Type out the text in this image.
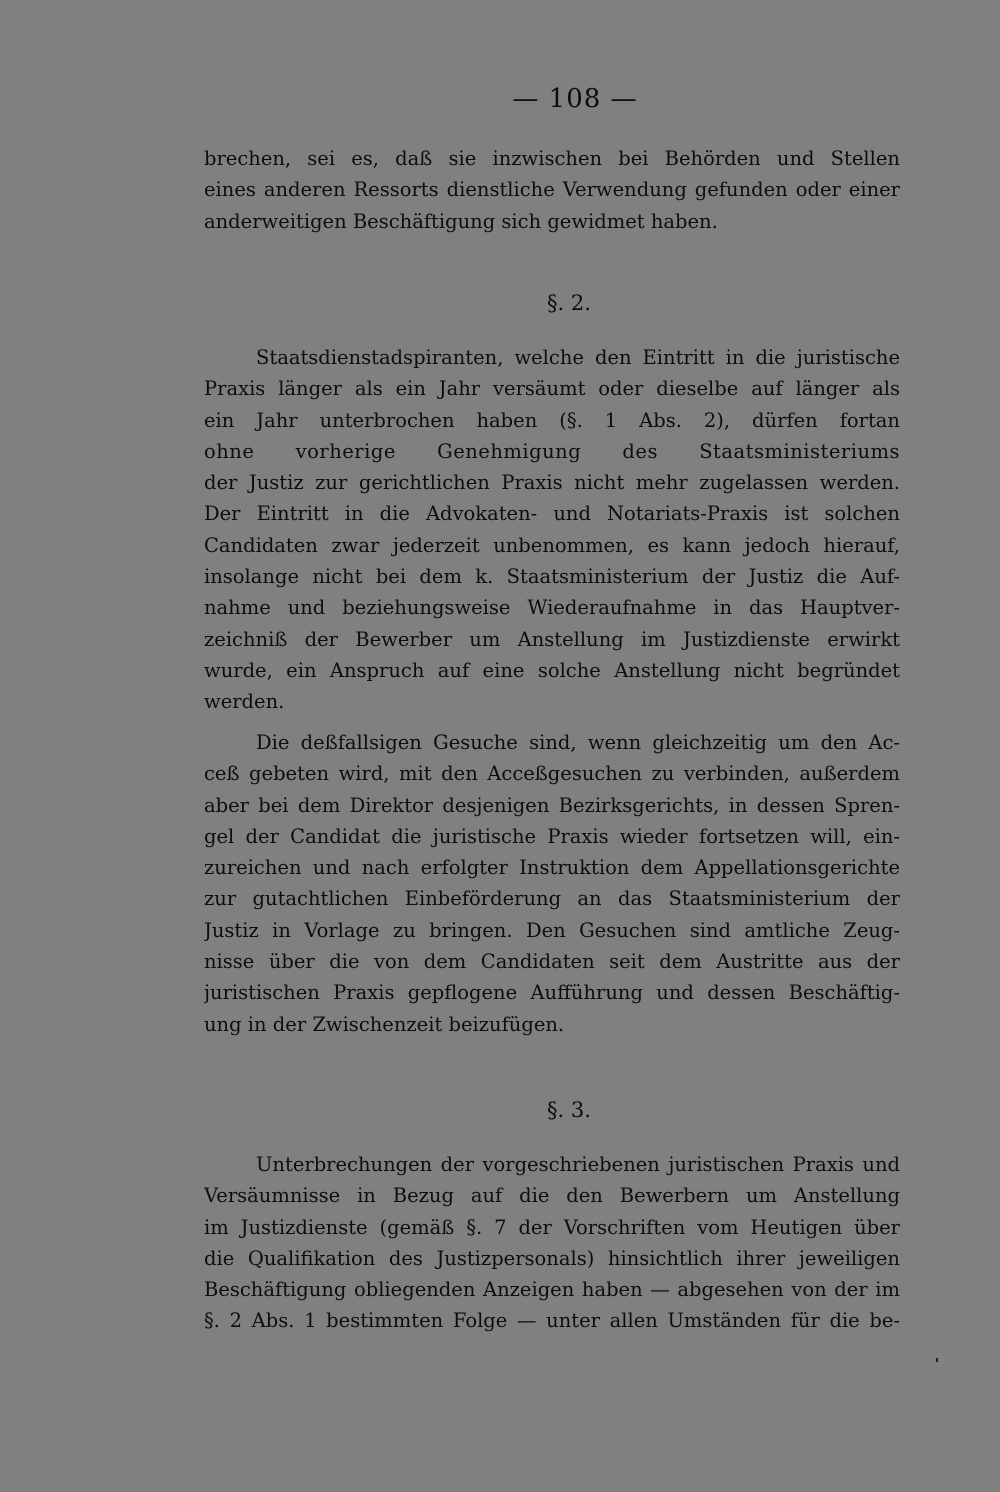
— 108 —
brechen, sei es, daß sie inzwischen bei Behörden und Stellen
eines anderen Ressorts dienstliche Verwendung gefunden oder einer
anderweitigen Beschäftigung sich gewidmet haben.
§. 2.
Staatsdienstadspiranten, welche den Eintritt in die juristische
Praxis länger als ein Jahr versäumt oder dieselbe auf länger als
ein Jahr unterbrochen haben (§. 1 Abs. 2), dürfen fortan
ohne vorherige Genehmigung des Staatsministeriums
der Justiz zur gerichtlichen Praxis nicht mehr zugelassen werden.
Der Eintritt in die Advokaten- und Notariats-Praxis ist solchen
Candidaten zwar jederzeit unbenommen, es kann jedoch hierauf,
insolange nicht bei dem k. Staatsministerium der Justiz die Auf-
nahme und beziehungsweise Wiederaufnahme in das Hauptver-
zeichniß der Bewerber um Anstellung im Justizdienste erwirkt
wurde, ein Anspruch auf eine solche Anstellung nicht begründet
werden.
Die deßfallsigen Gesuche sind, wenn gleichzeitig um den Ac-
ceß gebeten wird, mit den Acceßgesuchen zu verbinden, außerdem
aber bei dem Direktor desjenigen Bezirksgerichts, in dessen Spren-
gel der Candidat die juristische Praxis wieder fortsetzen will, ein-
zureichen und nach erfolgter Instruktion dem Appellationsgerichte
zur gutachtlichen Einbeförderung an das Staatsministerium der
Justiz in Vorlage zu bringen. Den Gesuchen sind amtliche Zeug-
nisse über die von dem Candidaten seit dem Austritte aus der
juristischen Praxis gepflogene Aufführung und dessen Beschäftig-
ung in der Zwischenzeit beizufügen.
§. 3.
Unterbrechungen der vorgeschriebenen juristischen Praxis und
Versäumnisse in Bezug auf die den Bewerbern um Anstellung
im Justizdienste (gemäß §. 7 der Vorschriften vom Heutigen über
die Qualifikation des Justizpersonals) hinsichtlich ihrer jeweiligen
Beschäftigung obliegenden Anzeigen haben — abgesehen von der im
§. 2 Abs. 1 bestimmten Folge — unter allen Umständen für die be-
